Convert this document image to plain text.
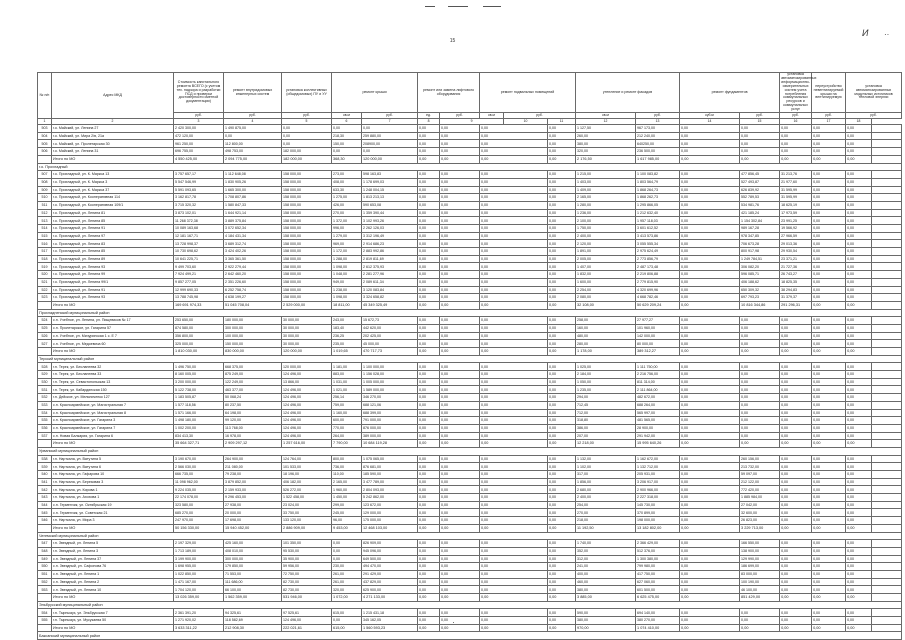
15
И ··
№ п/п	Адрес МКД	Стоимость капитального ремонта ВСЕГО (с учетом тех. надзора и разработки ПСД и проверки достоверности сметной документации)	ремонт внутридомовых инженерных систем	установка коллективных (общедомовых) ПУ и УУ	ремонт крыши		ремонт или замена лифтового оборудования		ремонт подвальных помещений			утепление и ремонт фасадов		ремонт фундаментов		установка автоматизированных информационно-измерительных систем учета потребления коммунальных ресурсов и коммунальных услуг	переустройство невентилируемой крыши на вентилируемую	установка автоматизированных модульных источников тепловой энергии	
		руб.	руб.	руб.	кв.м	руб.	ед.	руб.	кв.м	руб.		кв.м	руб.	куб.м	руб.	руб.	руб.	руб.	
1	2	3	4	5	6	7	8	9		10	11	12	13	14	15	16	17	18	
503	г.о. Майский, ул. Ленина 27	2 420 300,00	1 490 875,00	0,00	0,00	0,00	0,00	0,00	0,00		0,00	1 127,50	967 173,00	0,00	0,00	0,00	0,00	0,00	
504	г.о. Майский, ул. Мира 2/в, 21а	472 120,00	0,00	0,00	218,30	259 880,00	0,00	0,00	0,00		0,00	260,00	212 240,00	0,00	0,00	0,00	0,00	0,00	
505	г.о. Майский, ул. Пролетарская 30	961 250,00	112 800,00	0,00	150,00	208900,00	0,00	0,00	0,00		0,00	380,00	640250,00	0,00	0,00	0,00	0,00	0,00	
506	г.о. Майский, ул. Ленина 31	696 755,00	498 753,00	182 000,00	0,00	0,00	0,00	0,00	0,00		0,00	320,00	236 500,00	0,00	0,00	0,00	0,00	0,00	
	Итого по МО	4 550 425,00	2 094 775,00	182 000,00	368,30	120 000,00	0,00	0,00	0,00		0,00	2 176,50	1 617 985,00	0,00	0,00	0,00	0,00	0,00	
г.о. Прохладный																			
507	г.о. Прохладный, ул. К. Маркса 13	3 757 657,17	1 112 648,08	158 000,00	273,00	598 163,83	0,00	0,00	0,00		0,00	1 215,00	1 100 083,82	0,00	477 856,45	31 213,76	0,00	0,00	
508	г.о. Прохладный, ул. К. Маркса 3	5 547 546,99	1 830 905,26	158 000,00	408,00	1 178 699,03	0,00	0,00	0,00		0,00	1 403,00	1 803 564,79	0,00	527 493,87	21 977,60	0,00	0,00	
509	г.о. Прохладный, ул. К. Маркса 37	5 591 093,65	1 665 300,00	158 000,00	633,30	1 248 004,15	0,00	0,00	0,00		0,00	1 409,00	1 868 264,73	0,00	626 839,92	31 595,99	0,00	0,00	
510	г.о. Прохладный, ул. Кооперативная 114	3 162 817,78	1 708 807,86	158 000,00	1 275,00	1 813 213,13	0,00	0,00	0,00		0,00	2 165,00	1 868 262,73	0,00	552 789,53	31 595,99	0,00	0,00	
511	г.о. Прохладный, ул. Кооперативная 109/1	3 715 320,32	1 580 847,33	158 000,00	426,00	590 653,08	0,00	0,00	0,00		0,00	1 280,00	1 295 866,05	0,00	534 981,76	18 625,19	0,00	0,00	
512	г.о. Прохладный, ул. Ленина 81	3 873 102,01	1 644 921,14	158 000,00	270,00	1 359 390,44	0,00	0,00	0,00		0,00	1 236,00	1 212 632,40	0,00	421 185,24	17 973,59	0,00	0,00	
513	г.о. Прохладный, ул. Ленина 85	11 268 372,38	3 889 375,84	158 000,00	1 372,00	3 102 993,26	0,00	0,00	0,00		0,00	2 100,00	1 957 118,03	0,00	1 154 302,84	23 991,25	0,00	0,00	
514	г.о. Прохладный, ул. Ленина 91	10 089 163,68	3 072 652,34	158 000,00	996,00	2 262 126,03	0,00	0,00	0,00		0,00	1 750,00	3 601 612,52	0,00	989 167,28	19 566,92	0,00	0,00	
515	г.о. Прохладный, ул. Ленина 97	12 181 167,71	4 184 431,34	158 000,00	1 279,00	3 312 196,49	0,00	0,00	0,00		0,00	2 400,00	3 413 573,86	0,00	978 347,85	27 966,59	0,00	0,00	
516	г.о. Прохладный, ул. Ленина 83	13 728 998,37	3 689 312,74	158 000,00	969,00	2 914 686,23	0,00	0,00	0,00		0,00	2 120,00	3 055 555,34	0,00	706 673,28	29 013,36	0,00	0,00	
517	г.о. Прохладный, ул. Ленина 85	10 730 698,62	3 424 402,26	158 000,00	1 172,00	2 883 992,86	0,00	0,00	0,00		0,00	1 891,00	2 975 624,49	0,00	800 917,98	29 930,54	0,00	0,00	
518	г.о. Прохладный, ул. Ленина 89	10 641 225,71	3 365 361,50	158 000,00	1 288,00	2 819 811,69	0,00	0,00	0,00		0,00	2 005,00	2 773 856,79	0,00	1 249 784,51	23 371,21	0,00	0,00	
519	г.о. Прохладный, ул. Ленина 93	9 499 703,60	2 922 279,44	158 000,00	1 098,00	2 612 375,93	0,00	0,00	0,00		0,00	1 407,00	2 487 173,48	0,00	306 082,20	21 727,36	0,00	0,00	
520	г.о. Прохладный, ул. Ленина 99	7 924 499,21	2 642 460,20	158 000,00	1 048,00	2 281 277,96	0,00	0,00	0,00		0,00	1 832,00	2 219 806,88	0,00	596 085,71	26 743,27	0,00	0,00	
521	г.о. Прохладный, ул. Ленина 99/1	9 857 277,05	2 351 226,60	158 000,00	949,00	2 089 611,34	0,00	0,00	0,00		0,00	1 600,00	2 779 815,90	0,00	406 188,62	18 825,35	0,00	0,00	
522	г.о. Прохладный, ул. Ленина 91	12 999 690,33	6 252 758,74	158 000,00	1 238,00	3 120 083,84	0,00	0,00	0,00		0,00	2 254,00	4 320 699,96	0,00	650 309,32	38 294,83	0,00	0,00	
523	г.о. Прохладный, ул. Ленина 93	13 788 745,98	4 638 199,27	158 000,00	1 098,00	3 324 658,82	0,00	0,00	0,00		0,00	2 080,00	4 668 782,46	0,00	697 793,23	31 379,37	0,00	0,00	
	Итого по МО	169 691 974,33	51 045 708,04	2 529 000,00	18 811,00	45 349 325,49	0,00	0,00	0,00		0,00	32 108,00	50 629 209,24	0,00	10 816 344,86	291 296,31	0,00	0,00	
Прохладненский муниципальный район																			
524	с.п. Учебное, ул. Ленина, ул. Пищевиков № 17	253 650,00	180 000,00	30 000,00	243,00	15 672,73	0,00	0,00	0,00		0,00	258,00	27 977,27	0,00	0,00	0,00	0,00	0,00	
525	с.п. Пролетарское, ул. Гагарина 57	874 580,00	300 000,00	30 000,00	183,40	442 620,00	0,00	0,00	0,00		0,00	160,00	101 960,00	0,00	0,00	0,00	0,00	0,00	
526	с.п. Учебное, ул. Мичуринская 1 с. Е 7	356 800,00	100 000,00	30 000,00	236,25	202 425,00	0,00	0,00	0,00		0,00	480,00	142 000,00	0,00	0,00	0,00	0,00	0,00	
527	с.п. Учебное, ул. Медоевича 60	325 000,00	150 000,00	30 000,00	235,00	45 000,00	0,00	0,00	0,00		0,00	280,00	80 000,00	0,00	0,00	0,00	0,00	0,00	
	Итого по МО	1 810 030,00	830 000,00	120 000,00	1 019,65	470 717,73	0,00	0,00	0,00		0,00	1 178,00	389 312,27	0,00	0,00	0,00	0,00	0,00	
Терский муниципальный район																			
528	г.п. Терек, ул. Бесланеева 32	1 496 750,00	668 375,00	120 000,00	1 181,00	1 100 000,00	0,00	0,00	0,00		0,00	1 025,00	1 111 750,00	0,00	0,00	0,00	0,00	0,00	
529	г.п. Терек, ул. Бесланеева 33	8 160 005,00	875 249,00	124 496,00	883,00	1 156 028,00	0,00	0,00	0,00		0,00	2 184,00	2 216 756,00	0,00	0,00	0,00	0,00	0,00	
530	г.п. Терек, ул. Севастопольская 13	3 200 000,00	122 249,00	13 866,00	1 031,00	1 005 000,00	0,00	0,00	0,00		0,00	1 050,00	811 314,00	0,00	0,00	0,00	0,00	0,00	
531	г.п. Терек, ул. Кабардинская 150	5 122 738,00	463 377,00	124 496,00	1 021,00	1 589 000,00	0,00	0,00	0,00		0,00	1 235,00	2 111 864,00	0,00	0,00	0,00	0,00	0,00	
532	г.п. Дейское, ул. Мельниченко 127	1 183 505,87	50 068,24	124 496,00	256,14	346 270,00	0,00	0,00	0,00		0,00	294,00	482 672,00	0,00	0,00	0,00	0,00	0,00	
533	с.п. Красноармейское, ул. Магистральная 7	1 577 118,56	80 237,50	124 496,00	759,00	688 121,06	0,00	0,00	0,00		0,00	712,45	688 264,00	0,00	0,00	0,00	0,00	0,00	
534	с.п. Красноармейское, ул. Магистральная 8	1 571 166,00	64 198,00	124 496,00	1 160,00	688 399,00	0,00	0,00	0,00		0,00	712,00	565 997,00	0,00	0,00	0,00	0,00	0,00	
535	с.п. Красноармейское, ул. Гагарина 3	1 498 180,00	99 120,00	124 496,00	600,00	791 000,00	0,00	0,00	0,00		0,00	318,80	481 565,00	0,00	0,00	0,00	0,00	0,00	
536	с.п. Красноармейское, ул. Гагарина 7	1 002 200,00	113 768,00	124 496,00	770,00	876 000,00	0,00	0,00	0,00		0,00	386,00	28 900,00	0,00	0,00	0,00	0,00	0,00	
537	с.п. Новая Балкария, ул. Гагарина 6	834 413,30	16 978,00	124 496,00	264,00	389 000,00	0,00	0,00	0,00		0,00	207,00	291 942,00	0,00	0,00	0,00	0,00	0,00	
	Итого по МО	35 664 327,71	2 909 297,12	1 257 616,00	7 790,00	10 684 119,28	0,00	0,00	0,00		0,00	12 218,00	15 995 640,26	0,00	0,00	0,00	0,00	0,00	
Урванский муниципальный район																			
538	г.п. Нарткала, ул. Ватутина 5	3 190 670,00	264 900,00	124 764,00	800,00	1 075 065,00	0,00	0,00	0,00		0,00	1 132,00	1 162 672,00	0,00	260 156,00	0,00	0,00	0,00	
539	г.п. Нарткала, ул. Ватутина 6	2 566 030,00	211 080,00	101 533,00	736,00	876 681,00	0,00	0,00	0,00		0,00	1 102,00	1 132 712,00	0,00	213 732,00	0,00	0,00	0,00	
540	г.п. Нарткала, ул. Гафарова 10	666 735,00	79 238,00	18 196,00	110,00	185 590,00	0,00	0,00	0,00		0,00	317,00	205 931,00	0,00	59 097,00	0,00	0,00	0,00	
541	г.п. Нарткала, ул. Березовая 3	11 098 962,00	3 879 852,00	406 182,00	2 165,00	3 477 789,00	0,00	0,00	0,00		0,00	1 856,00	3 206 917,00	0,00	212 122,00	0,00	0,00	0,00	
542	г.п. Нарткала, ул. Кирова 1	9 224 035,00	2 159 933,00	526 272,00	1 960,00	2 804 093,00	0,00	0,00	0,00		0,00	2 680,00	2 900 966,00	0,00	772 420,00	0,00	0,00	0,00	
543	г.п. Нарткала, ул. Ахохова 1	22 174 078,00	9 296 453,00	1 522 458,00	1 450,00	5 242 862,00	0,00	0,00	0,00		0,00	2 400,00	2 227 318,00	0,00	1 885 984,00	0,00	0,00	0,00	
544	с.п. Герменчик, ул. Октябрьская 19	323 580,00	27 938,00	23 024,00	299,00	123 672,00	0,00	0,00	0,00		0,00	254,00	145 730,00	0,00	27 042,00	0,00	0,00	0,00	
545	с.п. Герменчик, ул. Советская 21	685 270,00	20 000,00	33 750,00	245,00	129 000,00	0,00	0,00	0,00		0,00	270,00	370 899,00	0,00	32 600,00	0,00	0,00	0,00	
546	г.п. Нарткала, ул. Мира 3	247 970,00	17 698,00	133 120,00	96,00	175 000,00	0,00	0,00	0,00		0,00	218,00	198 000,00	0,00	26 823,00	0,00	0,00	0,00	
	Итого по МО	50 156 330,00	15 940 452,00	2 886 909,00	9 453,00	12 468 103,00	0,00	0,00	0,00		0,00	11 192,50	13 182 802,00	0,00	3 229 713,00	0,00	0,00	0,00	
Чегемский муниципальный район																			
547	г.п. Звездный, ул. Ленина 5	2 197 329,00	425 160,00	101 350,00	0,00	826 909,00	0,00	0,00	0,00		0,00	1 740,00	2 366 429,00	0,00	166 550,00	0,00	0,00	0,00	
548	г.п. Звездный, ул. Ленина 3	1 713 189,00	408 010,00	95 530,00	0,00	945 096,00	0,00	0,00	0,00		0,00	352,00	512 376,00	0,00	138 900,00	0,00	0,00	0,00	
549	с.п. Звездный, ул. Ленина 37	3 199 900,00	300 000,00	35 900,00	0,00	649 500,00	0,00	0,00	0,00		0,00	312,00	1 300 380,00	0,00	129 990,00	0,00	0,00	0,00	
550	с.п. Звездный, ул. Сафонова 76	1 698 955,00	179 850,00	59 956,00	230,00	494 470,00	0,00	0,00	0,00		0,00	241,00	799 980,00	0,00	186 699,00	0,00	0,00	0,00	
551	с.п. Звездный, ул. Ленина 1	1 022 850,00	71 553,00	72 750,00	261,00	291 429,00	0,00	0,00	0,00		0,00	400,00	417 750,00	0,00	83 000,00	0,00	0,00	0,00	
552	с.п. Звездный, ул. Ленина 2	1 471 167,00	111 686,00	82 730,00	261,00	437 829,00	0,00	0,00	0,00		0,00	460,00	627 060,00	0,00	100 190,00	0,00	0,00	0,00	
553	с.п. Звездный, ул. Ленина 10	1 704 120,00	66 100,00	82 730,00	320,00	625 900,00	0,00	0,00	0,00		0,00	380,00	601 500,00	0,00	46 100,00	0,00	0,00	0,00	
	Итого по МО	13 026 359,00	1 562 359,00	531 946,00	1 072,00	4 271 133,00	0,00	0,00	0,00		0,00	3 885,00	6 625 475,00	0,00	851 429,00	0,00	0,00	0,00	
Эльбрусский муниципальный район																			
554	г.п. Тырныауз, ул. Эльбрусская 7	2 361 391,20	94 325,61	97 525,61	615,00	1 215 431,18	0,00	0,00	0,00		0,00	590,00	694 140,00	0,00	0,00	0,00	0,00	0,00	
555	г.п. Тырныауз, ул. Мусукаева 50	1 271 920,02	118 582,69	124 496,00	0,00	345 162,05	0,00	0,00	0,00		0,00	380,00	380 270,00	0,00	0,00	0,00	0,00	0,00	
	Итого по МО	3 633 311,22	212 908,30	222 021,61	615,00	1 560 593,23	0,00	0,00	0,00		0,00	970,00	1 074 410,00	0,00	0,00	0,00	0,00	0,00	
Баксанский муниципальный район																			
